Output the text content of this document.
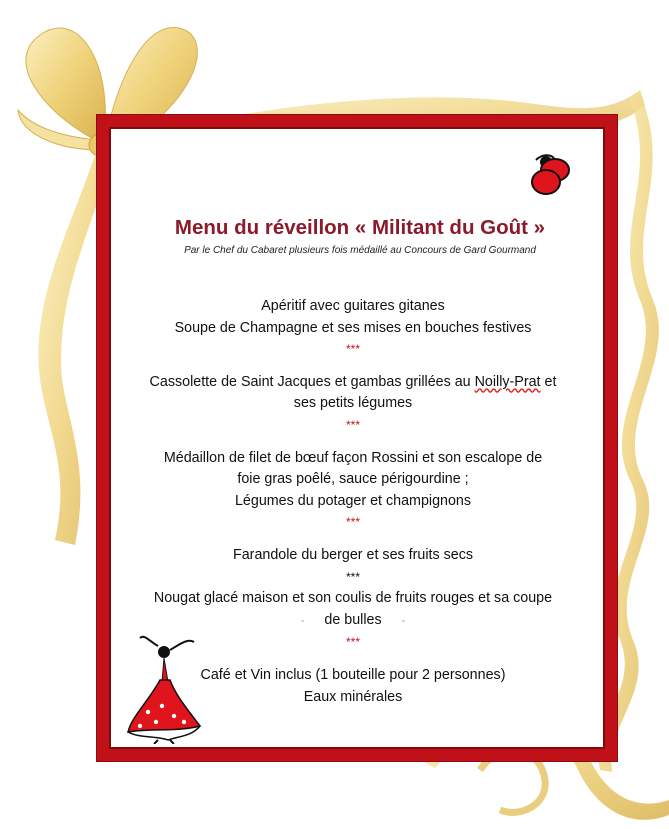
Menu du réveillon « Militant du Goût »

Par le Chef du Cabaret plusieurs fois médaillé au Concours de Gard Gourmand

Apéritif avec guitares gitanes
Soupe de Champagne et ses mises en bouches festives
***
Cassolette de Saint Jacques et gambas grillées au Noilly-Prat et
ses petits légumes
***
Médaillon de filet de bœuf façon Rossini et son escalope de
foie gras poêlé, sauce périgourdine ;
Légumes du potager et champignons
***
Farandole du berger et ses fruits secs
***
Nougat glacé maison et son coulis de fruits rouges et sa coupe
- de bulles -
***
Café et Vin inclus (1 bouteille pour 2 personnes)
Eaux minérales
